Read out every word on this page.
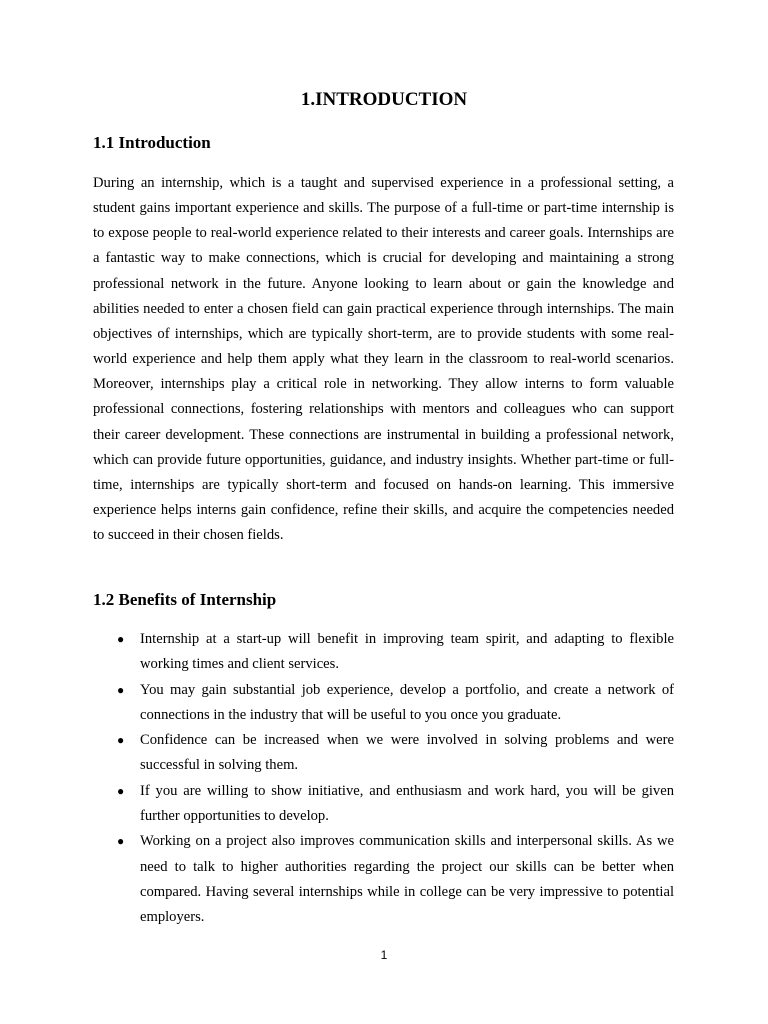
1.INTRODUCTION
1.1 Introduction

During an internship, which is a taught and supervised experience in a professional setting, a student gains important experience and skills. The purpose of a full-time or part-time internship is to expose people to real-world experience related to their interests and career goals. Internships are a fantastic way to make connections, which is crucial for developing and maintaining a strong professional network in the future. Anyone looking to learn about or gain the knowledge and abilities needed to enter a chosen field can gain practical experience through internships. The main objectives of internships, which are typically short-term, are to provide students with some real-world experience and help them apply what they learn in the classroom to real-world scenarios. Moreover, internships play a critical role in networking. They allow interns to form valuable professional connections, fostering relationships with mentors and colleagues who can support their career development. These connections are instrumental in building a professional network, which can provide future opportunities, guidance, and industry insights. Whether part-time or full-time, internships are typically short-term and focused on hands-on learning. This immersive experience helps interns gain confidence, refine their skills, and acquire the competencies needed to succeed in their chosen fields.

1.2 Benefits of Internship
● Internship at a start-up will benefit in improving team spirit, and adapting to flexible working times and client services.
● You may gain substantial job experience, develop a portfolio, and create a network of connections in the industry that will be useful to you once you graduate.
● Confidence can be increased when we were involved in solving problems and were successful in solving them.
● If you are willing to show initiative, and enthusiasm and work hard, you will be given further opportunities to develop.
● Working on a project also improves communication skills and interpersonal skills. As we need to talk to higher authorities regarding the project our skills can be better when compared. Having several internships while in college can be very impressive to potential employers.
1
